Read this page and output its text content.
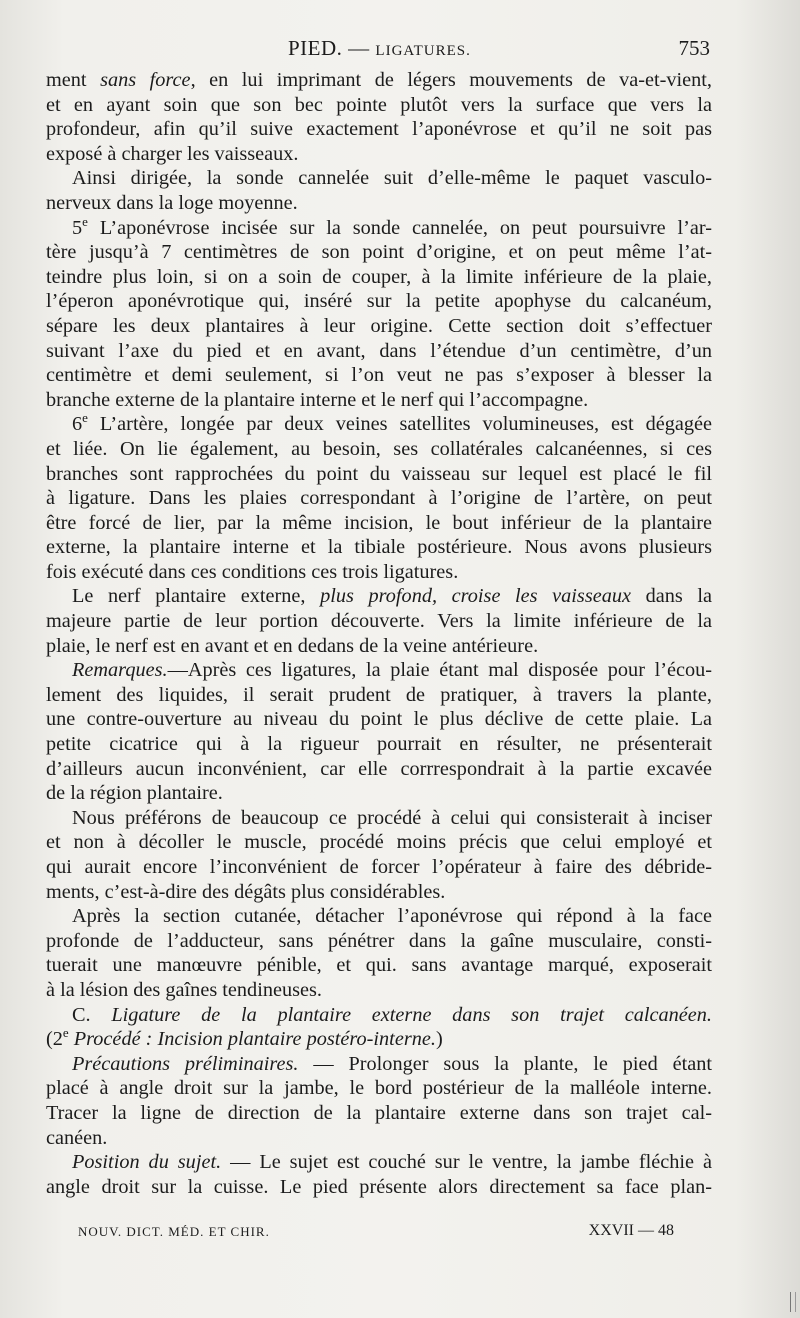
PIED. — LIGATURES.	753
ment sans force, en lui imprimant de légers mouvements de va-et-vient,
et en ayant soin que son bec pointe plutôt vers la surface que vers la
profondeur, afin qu’il suive exactement l’aponévrose et qu’il ne soit pas
exposé à charger les vaisseaux.
Ainsi dirigée, la sonde cannelée suit d’elle-même le paquet vasculo-
nerveux dans la loge moyenne.
5e L’aponévrose incisée sur la sonde cannelée, on peut poursuivre l’ar-
tère jusqu’à 7 centimètres de son point d’origine, et on peut même l’at-
teindre plus loin, si on a soin de couper, à la limite inférieure de la plaie,
l’éperon aponévrotique qui, inséré sur la petite apophyse du calcanéum,
sépare les deux plantaires à leur origine. Cette section doit s’effectuer
suivant l’axe du pied et en avant, dans l’étendue d’un centimètre, d’un
centimètre et demi seulement, si l’on veut ne pas s’exposer à blesser la
branche externe de la plantaire interne et le nerf qui l’accompagne.
6e L’artère, longée par deux veines satellites volumineuses, est dégagée
et liée. On lie également, au besoin, ses collatérales calcanéennes, si ces
branches sont rapprochées du point du vaisseau sur lequel est placé le fil
à ligature. Dans les plaies correspondant à l’origine de l’artère, on peut
être forcé de lier, par la même incision, le bout inférieur de la plantaire
externe, la plantaire interne et la tibiale postérieure. Nous avons plusieurs
fois exécuté dans ces conditions ces trois ligatures.
Le nerf plantaire externe, plus profond, croise les vaisseaux dans la
majeure partie de leur portion découverte. Vers la limite inférieure de la
plaie, le nerf est en avant et en dedans de la veine antérieure.
Remarques.—Après ces ligatures, la plaie étant mal disposée pour l’écou-
lement des liquides, il serait prudent de pratiquer, à travers la plante,
une contre-ouverture au niveau du point le plus déclive de cette plaie. La
petite cicatrice qui à la rigueur pourrait en résulter, ne présenterait
d’ailleurs aucun inconvénient, car elle corrrespondrait à la partie excavée
de la région plantaire.
Nous préférons de beaucoup ce procédé à celui qui consisterait à inciser
et non à décoller le muscle, procédé moins précis que celui employé et
qui aurait encore l’inconvénient de forcer l’opérateur à faire des débride-
ments, c’est-à-dire des dégâts plus considérables.
Après la section cutanée, détacher l’aponévrose qui répond à la face
profonde de l’adducteur, sans pénétrer dans la gaîne musculaire, consti-
tuerait une manœuvre pénible, et qui. sans avantage marqué, exposerait
à la lésion des gaînes tendineuses.
C. Ligature de la plantaire externe dans son trajet calcanéen.
(2e Procédé : Incision plantaire postéro-interne.)
Précautions préliminaires. — Prolonger sous la plante, le pied étant
placé à angle droit sur la jambe, le bord postérieur de la malléole interne.
Tracer la ligne de direction de la plantaire externe dans son trajet cal-
canéen.
Position du sujet. — Le sujet est couché sur le ventre, la jambe fléchie à
angle droit sur la cuisse. Le pied présente alors directement sa face plan-
NOUV. DICT. MÉD. ET CHIR.	XXVII — 48
